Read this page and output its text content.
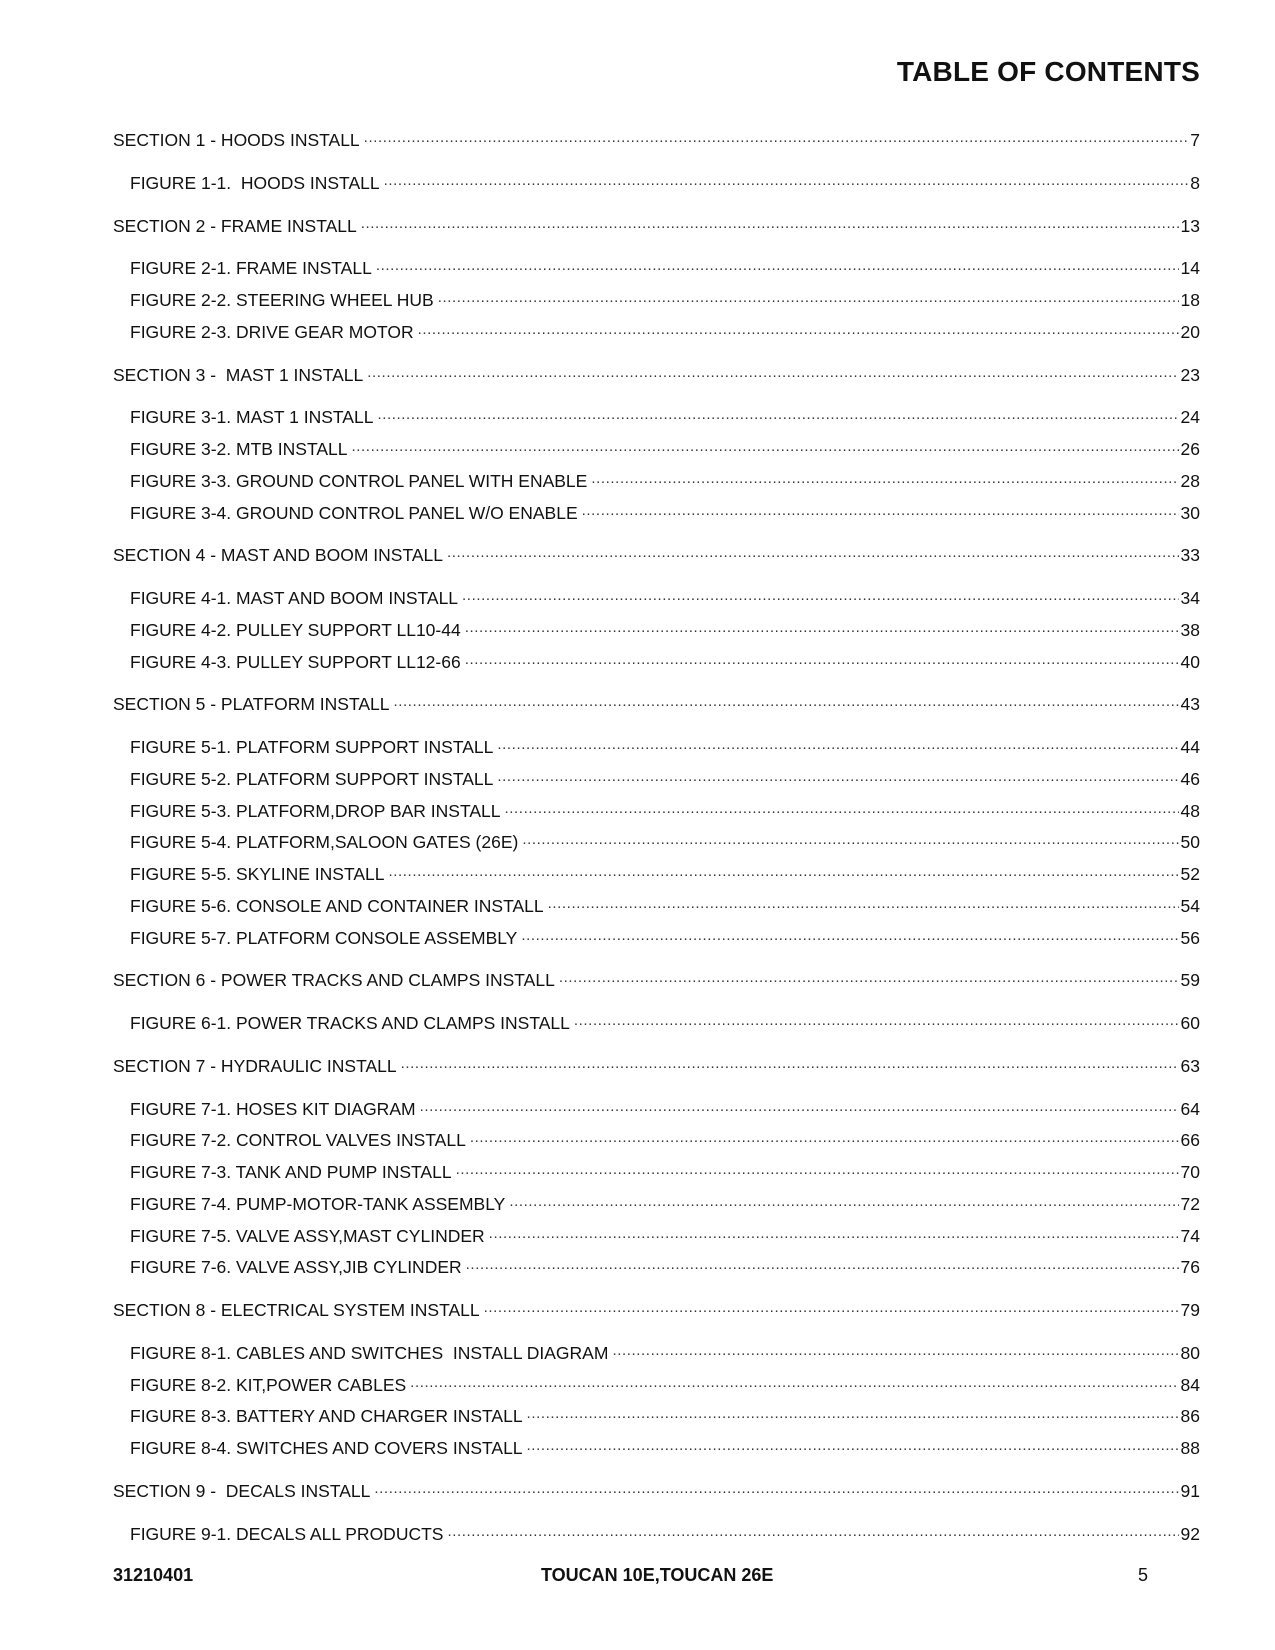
TABLE OF CONTENTS
SECTION 1 - HOODS INSTALL .....	7
FIGURE 1-1.  HOODS INSTALL .....	8
SECTION 2 - FRAME INSTALL .....	13
FIGURE 2-1. FRAME INSTALL .....	14
FIGURE 2-2. STEERING WHEEL HUB .....	18
FIGURE 2-3. DRIVE GEAR MOTOR .....	20
SECTION 3 -  MAST 1 INSTALL .....	23
FIGURE 3-1. MAST 1 INSTALL .....	24
FIGURE 3-2. MTB INSTALL .....	26
FIGURE 3-3. GROUND CONTROL PANEL WITH ENABLE .....	28
FIGURE 3-4. GROUND CONTROL PANEL W/O ENABLE .....	30
SECTION 4 - MAST AND BOOM INSTALL .....	33
FIGURE 4-1. MAST AND BOOM INSTALL .....	34
FIGURE 4-2. PULLEY SUPPORT LL10-44 .....	38
FIGURE 4-3. PULLEY SUPPORT LL12-66 .....	40
SECTION 5 - PLATFORM INSTALL .....	43
FIGURE 5-1. PLATFORM SUPPORT INSTALL .....	44
FIGURE 5-2. PLATFORM SUPPORT INSTALL .....	46
FIGURE 5-3. PLATFORM,DROP BAR INSTALL .....	48
FIGURE 5-4. PLATFORM,SALOON GATES (26E) .....	50
FIGURE 5-5. SKYLINE INSTALL .....	52
FIGURE 5-6. CONSOLE AND CONTAINER INSTALL .....	54
FIGURE 5-7. PLATFORM CONSOLE ASSEMBLY .....	56
SECTION 6 - POWER TRACKS AND CLAMPS INSTALL .....	59
FIGURE 6-1. POWER TRACKS AND CLAMPS INSTALL .....	60
SECTION 7 - HYDRAULIC INSTALL .....	63
FIGURE 7-1. HOSES KIT DIAGRAM .....	64
FIGURE 7-2. CONTROL VALVES INSTALL .....	66
FIGURE 7-3. TANK AND PUMP INSTALL .....	70
FIGURE 7-4. PUMP-MOTOR-TANK ASSEMBLY .....	72
FIGURE 7-5. VALVE ASSY,MAST CYLINDER .....	74
FIGURE 7-6. VALVE ASSY,JIB CYLINDER .....	76
SECTION 8 - ELECTRICAL SYSTEM INSTALL .....	79
FIGURE 8-1. CABLES AND SWITCHES  INSTALL DIAGRAM .....	80
FIGURE 8-2. KIT,POWER CABLES .....	84
FIGURE 8-3. BATTERY AND CHARGER INSTALL .....	86
FIGURE 8-4. SWITCHES AND COVERS INSTALL .....	88
SECTION 9 -  DECALS INSTALL .....	91
FIGURE 9-1. DECALS ALL PRODUCTS .....	92
31210401	TOUCAN 10E,TOUCAN 26E	5
